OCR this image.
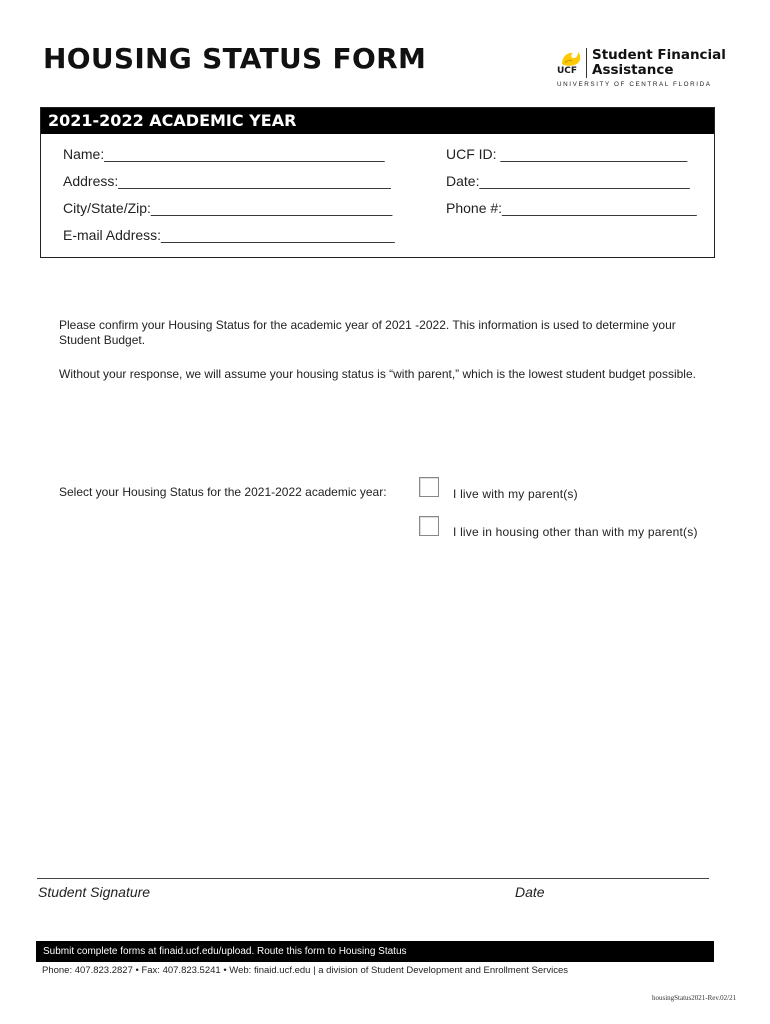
HOUSING STATUS FORM	UCF
Student Financial
Assistance
UNIVERSITY OF CENTRAL FLORIDA
2021-2022 ACADEMIC YEAR
Name:____________________________________	UCF ID: ________________________
Address:___________________________________	Date:___________________________
City/State/Zip:_______________________________	Phone #:_________________________
E-mail Address:______________________________
Please confirm your Housing Status for the academic year of 2021 -2022. This information is used to determine your Student Budget.
Without your response, we will assume your housing status is “with parent,” which is the lowest student budget possible.
Select your Housing Status for the 2021-2022 academic year:	I live with my parent(s)
I live in housing other than with my parent(s)
Student Signature	Date
Submit complete forms at finaid.ucf.edu/upload. Route this form to Housing Status
Phone: 407.823.2827 • Fax: 407.823.5241 • Web: finaid.ucf.edu | a division of Student Development and Enrollment Services
housingStatus2021-Rev.02/21
